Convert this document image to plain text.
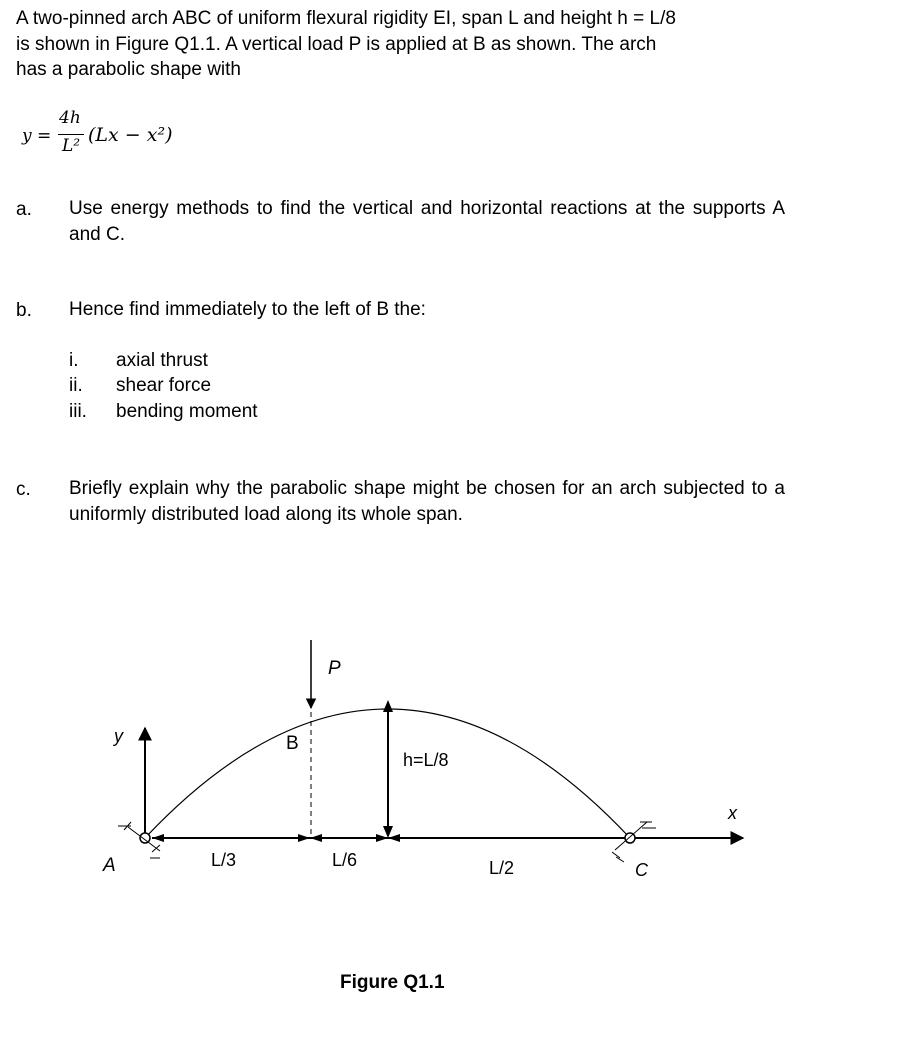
A two-pinned arch ABC of uniform flexural rigidity EI, span L and height h = L/8
is shown in Figure Q1.1. A vertical load P is applied at B as shown. The arch
has a parabolic shape with
y =
4h
L² (Lx − x²)
a. Use energy methods to find the vertical and horizontal reactions at the supports A and C.
b. Hence find immediately to the left of B the:
i. axial thrust
ii. shear force
iii. bending moment
c. Briefly explain why the parabolic shape might be chosen for an arch subjected to a uniformly distributed load along its whole span.
P
B
y
x
A	C
h=L/8
L/3	L/6	L/2
Figure Q1.1
